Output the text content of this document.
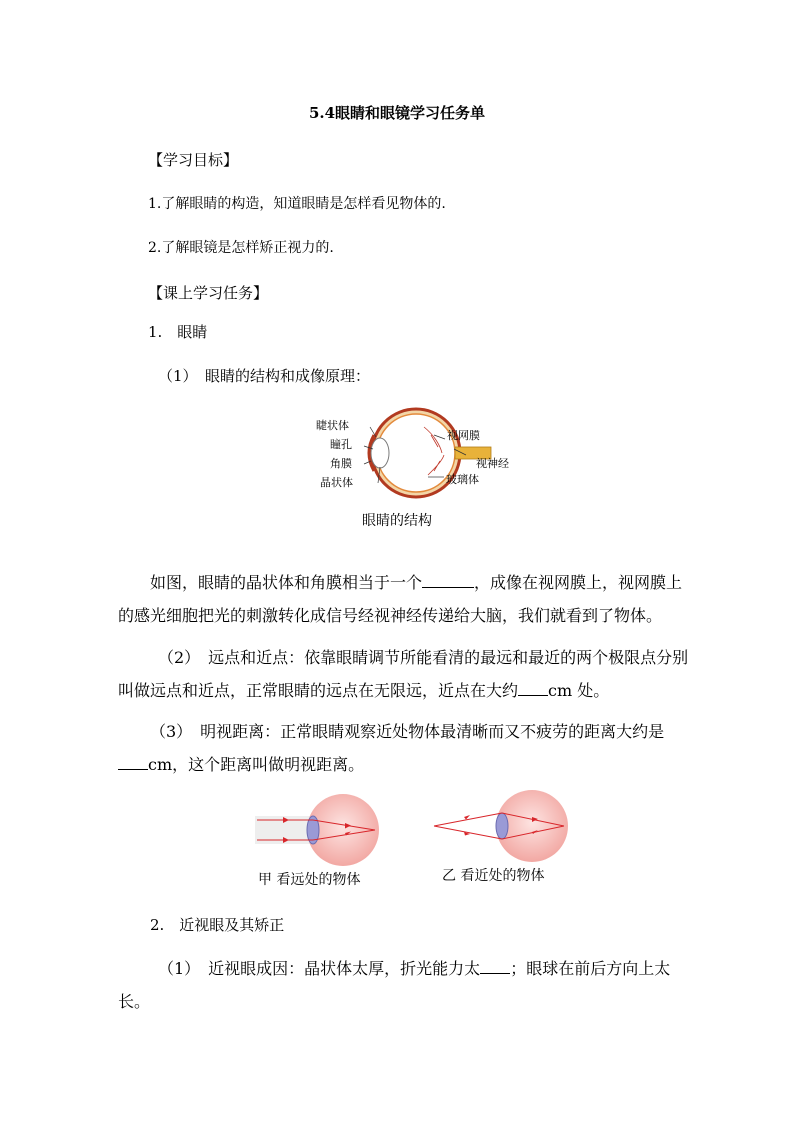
5.4眼睛和眼镜学习任务单
【学习目标】
1.了解眼睛的构造，知道眼睛是怎样看见物体的.
2.了解眼镜是怎样矫正视力的.
【课上学习任务】
1.　眼睛
（1）　眼睛的结构和成像原理：
睫状体
瞳孔
角膜
晶状体
视网膜
视神经
玻璃体
眼睛的结构
如图，眼睛的晶状体和角膜相当于一个	，成像在视网膜上，视网膜上
的感光细胞把光的刺激转化成信号经视神经传递给大脑，我们就看到了物体。
（2）　远点和近点：依靠眼睛调节所能看清的最远和最近的两个极限点分别
叫做远点和近点，正常眼睛的远点在无限远，近点在大约 cm 处。
（3）　明视距离：正常眼睛观察近处物体最清晰而又不疲劳的距离大约是
cm，这个距离叫做明视距离。
甲 看远处的物体	乙 看近处的物体
2.　近视眼及其矫正
（1）　近视眼成因：晶状体太厚，折光能力太 ；眼球在前后方向上太
长。
